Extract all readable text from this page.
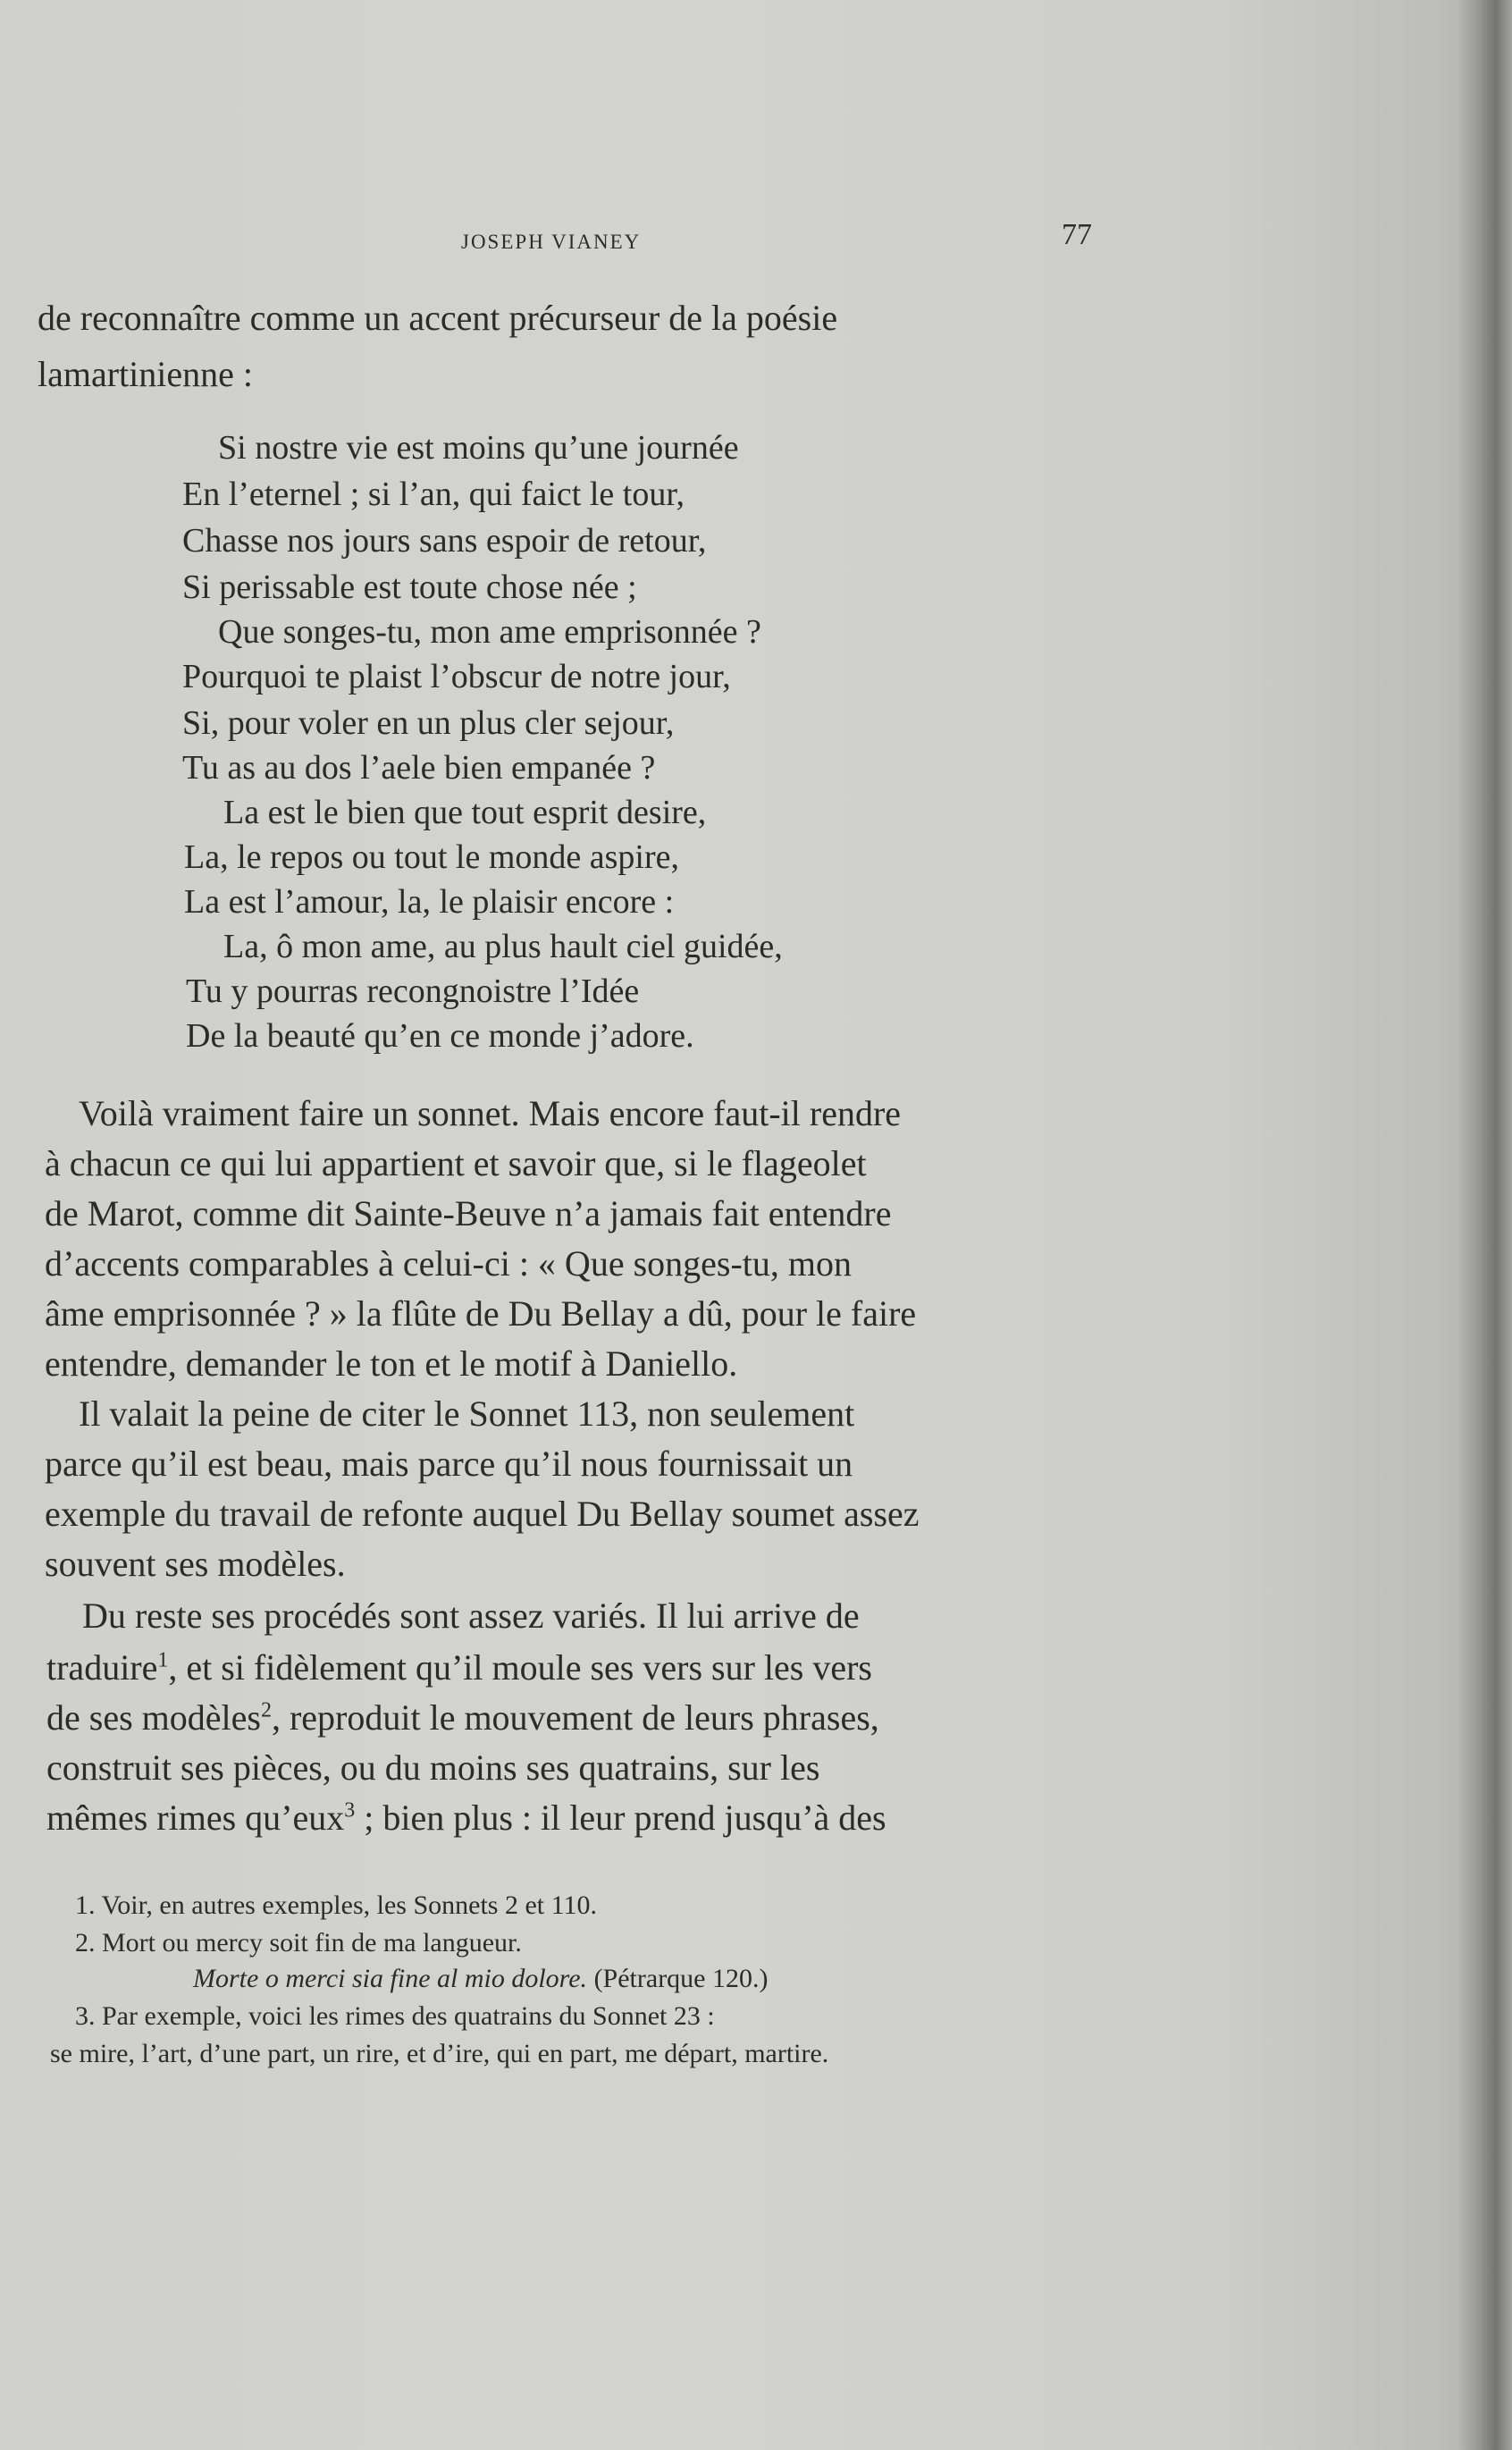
JOSEPH VIANEY	77
de reconnaître comme un accent précurseur de la poésie
lamartinienne :
Si nostre vie est moins qu’une journée
En l’eternel ; si l’an, qui faict le tour,
Chasse nos jours sans espoir de retour,
Si perissable est toute chose née ;
Que songes-tu, mon ame emprisonnée ?
Pourquoi te plaist l’obscur de notre jour,
Si, pour voler en un plus cler sejour,
Tu as au dos l’aele bien empanée ?
La est le bien que tout esprit desire,
La, le repos ou tout le monde aspire,
La est l’amour, la, le plaisir encore :
La, ô mon ame, au plus hault ciel guidée,
Tu y pourras recongnoistre l’Idée
De la beauté qu’en ce monde j’adore.
Voilà vraiment faire un sonnet. Mais encore faut-il rendre
à chacun ce qui lui appartient et savoir que, si le flageolet
de Marot, comme dit Sainte-Beuve n’a jamais fait entendre
d’accents comparables à celui-ci : « Que songes-tu, mon
âme emprisonnée ? » la flûte de Du Bellay a dû, pour le faire
entendre, demander le ton et le motif à Daniello.
Il valait la peine de citer le Sonnet 113, non seulement
parce qu’il est beau, mais parce qu’il nous fournissait un
exemple du travail de refonte auquel Du Bellay soumet assez
souvent ses modèles.
Du reste ses procédés sont assez variés. Il lui arrive de
traduire$^1$, et si fidèlement qu’il moule ses vers sur les vers
de ses modèles$^2$, reproduit le mouvement de leurs phrases,
construit ses pièces, ou du moins ses quatrains, sur les
mêmes rimes qu’eux$^3$ ; bien plus : il leur prend jusqu’à des
1. Voir, en autres exemples, les Sonnets 2 et 110.
2. Mort ou mercy soit fin de ma langueur.
Morte o merci sia fine al mio dolore. (Pétrarque 120.)
3. Par exemple, voici les rimes des quatrains du Sonnet 23 :
se mire, l’art, d’une part, un rire, et d’ire, qui en part, me départ, martire.
